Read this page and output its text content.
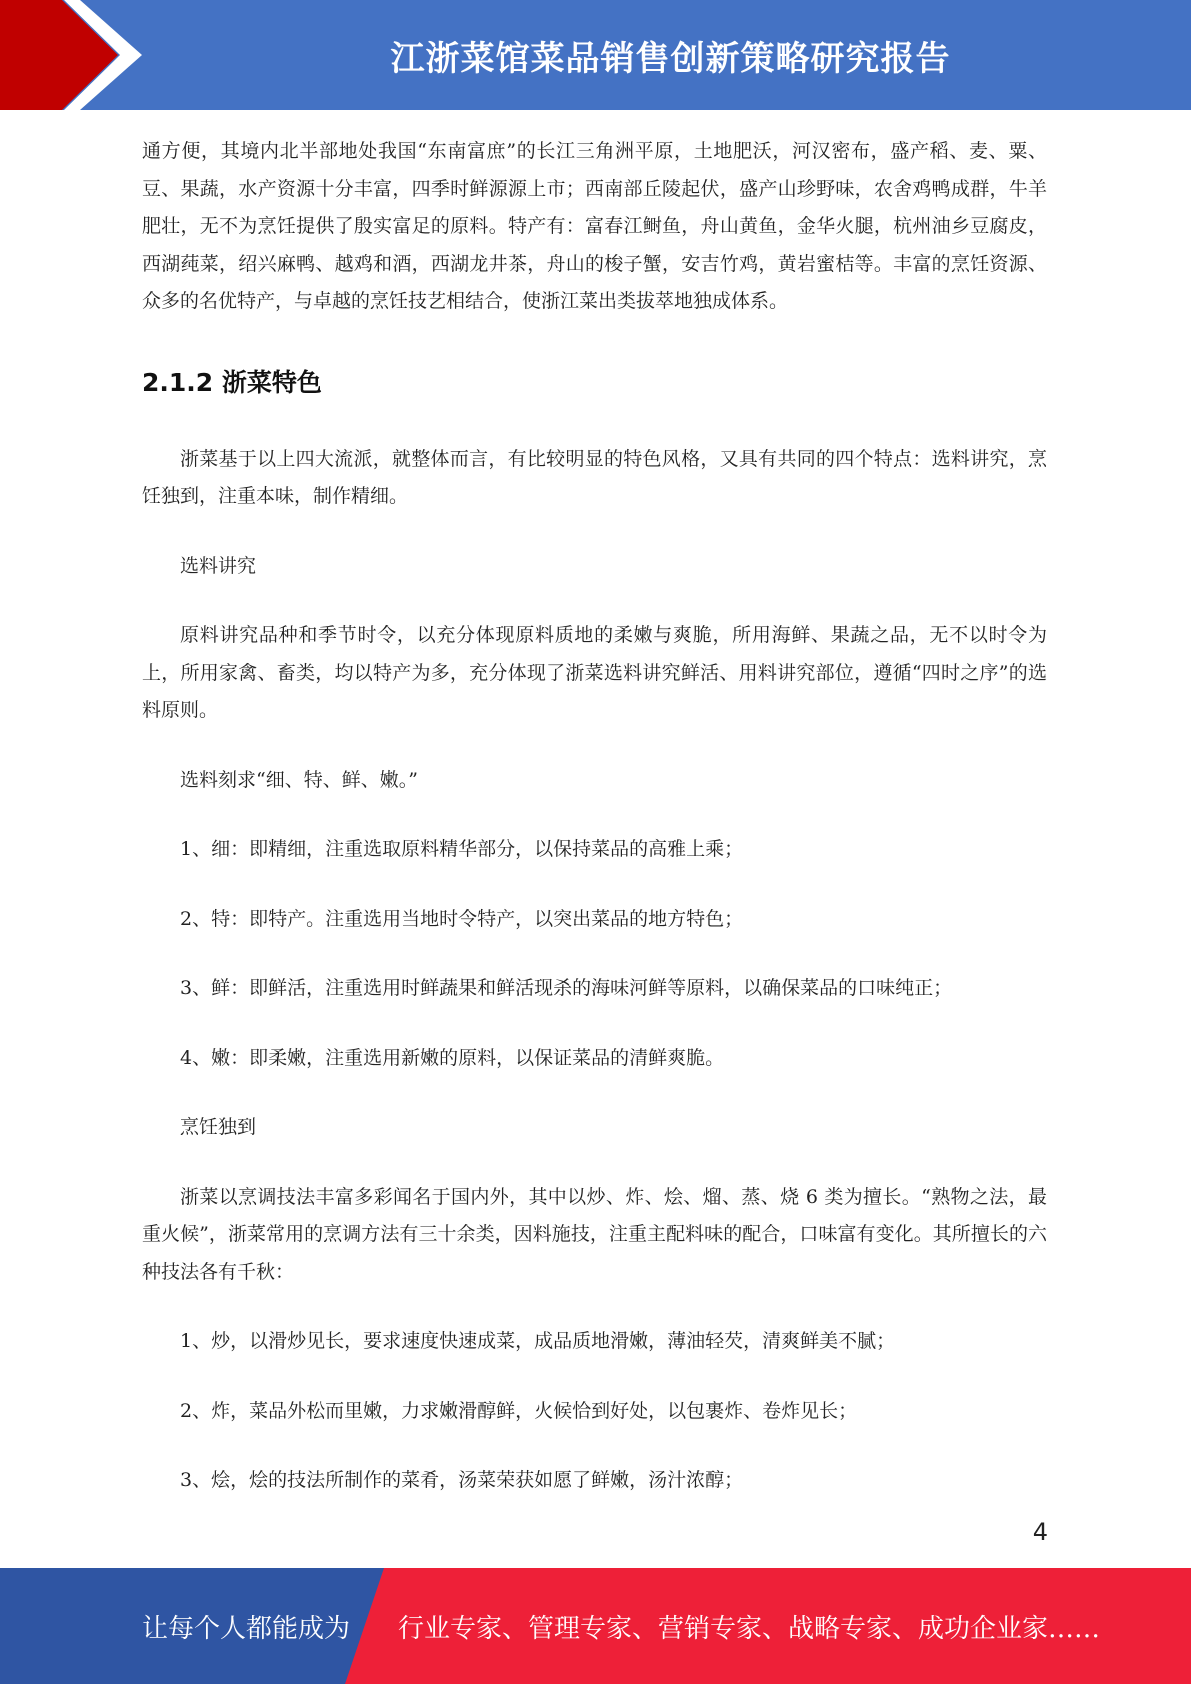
江浙菜馆菜品销售创新策略研究报告

通方便，其境内北半部地处我国“东南富庶”的长江三角洲平原，土地肥沃，河汉密布，盛产稻、麦、粟、豆、果蔬，水产资源十分丰富，四季时鲜源源上市；西南部丘陵起伏，盛产山珍野味，农舍鸡鸭成群，牛羊肥壮，无不为烹饪提供了殷实富足的原料。特产有：富春江鲥鱼，舟山黄鱼，金华火腿，杭州油乡豆腐皮，西湖莼菜，绍兴麻鸭、越鸡和酒，西湖龙井茶，舟山的梭子蟹，安吉竹鸡，黄岩蜜桔等。丰富的烹饪资源、众多的名优特产，与卓越的烹饪技艺相结合，使浙江菜出类拔萃地独成体系。

2.1.2 浙菜特色

浙菜基于以上四大流派，就整体而言，有比较明显的特色风格，又具有共同的四个特点：选料讲究，烹饪独到，注重本味，制作精细。

选料讲究

原料讲究品种和季节时令，以充分体现原料质地的柔嫩与爽脆，所用海鲜、果蔬之品，无不以时令为上，所用家禽、畜类，均以特产为多，充分体现了浙菜选料讲究鲜活、用料讲究部位，遵循“四时之序”的选料原则。

选料刻求“细、特、鲜、嫩。”

1、细：即精细，注重选取原料精华部分，以保持菜品的高雅上乘；

2、特：即特产。注重选用当地时令特产，以突出菜品的地方特色；

3、鲜：即鲜活，注重选用时鲜蔬果和鲜活现杀的海味河鲜等原料，以确保菜品的口味纯正；

4、嫩：即柔嫩，注重选用新嫩的原料，以保证菜品的清鲜爽脆。

烹饪独到

浙菜以烹调技法丰富多彩闻名于国内外，其中以炒、炸、烩、熘、蒸、烧 6 类为擅长。“熟物之法，最重火候”，浙菜常用的烹调方法有三十余类，因料施技，注重主配料味的配合，口味富有变化。其所擅长的六种技法各有千秋：

1、炒，以滑炒见长，要求速度快速成菜，成品质地滑嫩，薄油轻芡，清爽鲜美不腻；

2、炸，菜品外松而里嫩，力求嫩滑醇鲜，火候恰到好处，以包裹炸、卷炸见长；

3、烩，烩的技法所制作的菜肴，汤菜荣获如愿了鲜嫩，汤汁浓醇；

4
让每个人都能成为 行业专家、管理专家、营销专家、战略专家、成功企业家……
